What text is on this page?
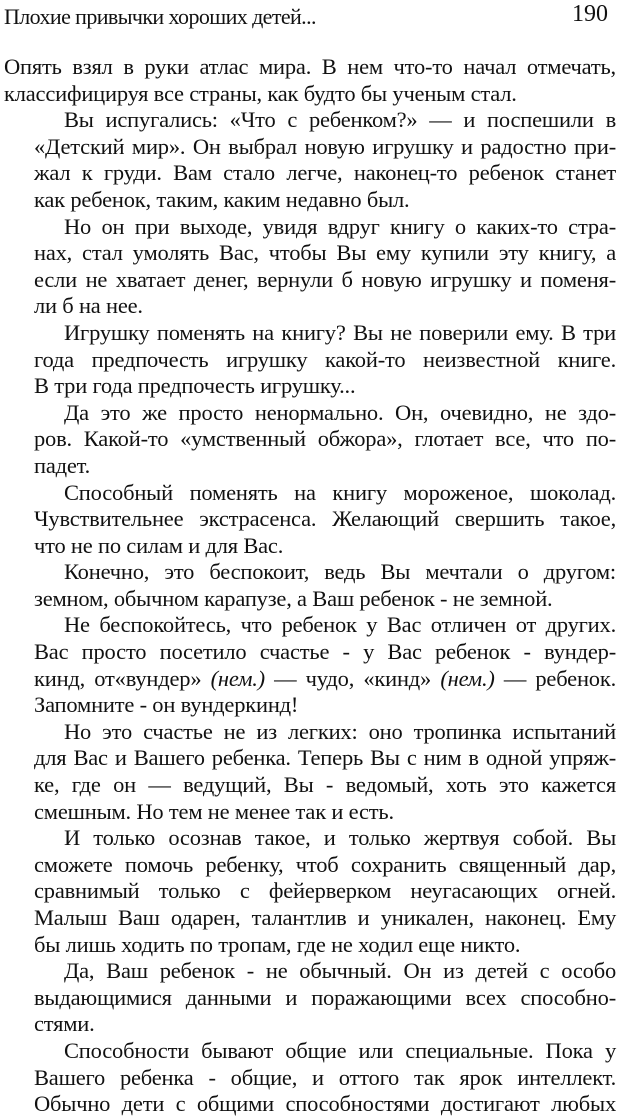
Плохие привычки хороших детей...	190

Опять взял в руки атлас мира. В нем что-то начал отмечать,
классифицируя все страны, как будто бы ученым стал.

Вы испугались: «Что с ребенком?» — и поспешили в
«Детский мир». Он выбрал новую игрушку и радостно при-
жал к груди. Вам стало легче, наконец-то ребенок станет
как ребенок, таким, каким недавно был.

Но он при выходе, увидя вдруг книгу о каких-то стра-
нах, стал умолять Вас, чтобы Вы ему купили эту книгу, а
если не хватает денег, вернули б новую игрушку и поменя-
ли б на нее.

Игрушку поменять на книгу? Вы не поверили ему. В три
года предпочесть игрушку какой-то неизвестной книге.
В три года предпочесть игрушку...

Да это же просто ненормально. Он, очевидно, не здо-
ров. Какой-то «умственный обжора», глотает все, что по-
падет.

Способный поменять на книгу мороженое, шоколад.
Чувствительнее экстрасенса. Желающий свершить такое,
что не по силам и для Вас.

Конечно, это беспокоит, ведь Вы мечтали о другом:
земном, обычном карапузе, а Ваш ребенок - не земной.

Не беспокойтесь, что ребенок у Вас отличен от других.
Вас просто посетило счастье - у Вас ребенок - вундер-
кинд, от«вундер» (нем.) — чудо, «кинд» (нем.) — ребенок.
Запомните - он вундеркинд!

Но это счастье не из легких: оно тропинка испытаний
для Вас и Вашего ребенка. Теперь Вы с ним в одной упряж-
ке, где он — ведущий, Вы - ведомый, хоть это кажется
смешным. Но тем не менее так и есть.

И только осознав такое, и только жертвуя собой. Вы
сможете помочь ребенку, чтоб сохранить священный дар,
сравнимый только с фейерверком неугасающих огней.
Малыш Ваш одарен, талантлив и уникален, наконец. Ему
бы лишь ходить по тропам, где не ходил еще никто.

Да, Ваш ребенок - не обычный. Он из детей с особо
выдающимися данными и поражающими всех способно-
стями.

Способности бывают общие или специальные. Пока у
Вашего ребенка - общие, и оттого так ярок интеллект.
Обычно дети с общими способностями достигают любых
